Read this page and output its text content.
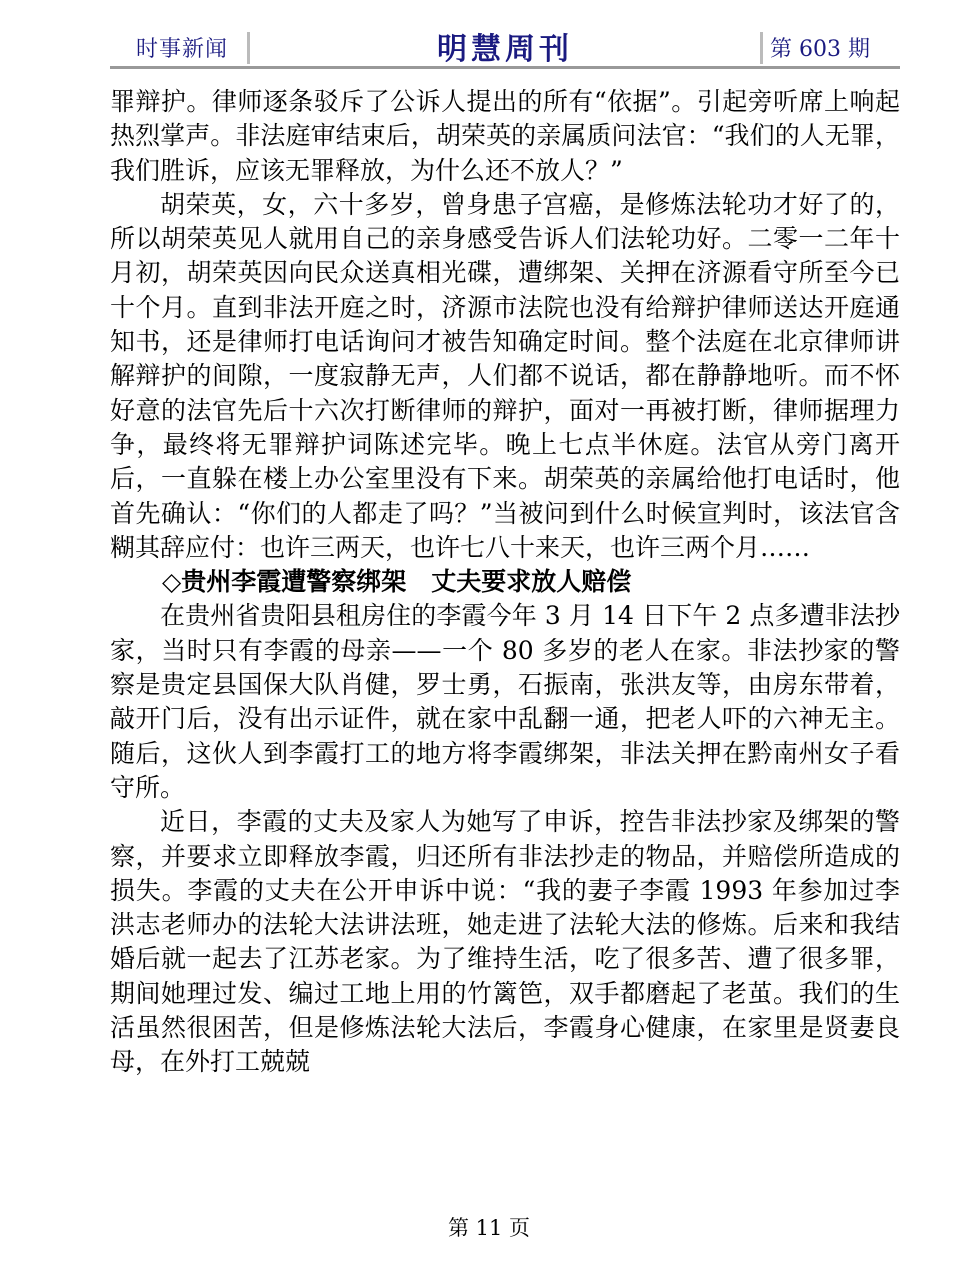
时事新闻	明慧周刊	第 603 期

罪辩护。律师逐条驳斥了公诉人提出的所有“依据”。引起旁听席上响起热烈掌声。非法庭审结束后，胡荣英的亲属质问法官：“我们的人无罪，我们胜诉，应该无罪释放，为什么还不放人？”

胡荣英，女，六十多岁，曾身患子宫癌，是修炼法轮功才好了的，所以胡荣英见人就用自己的亲身感受告诉人们法轮功好。二零一二年十月初，胡荣英因向民众送真相光碟，遭绑架、关押在济源看守所至今已十个月。直到非法开庭之时，济源市法院也没有给辩护律师送达开庭通知书，还是律师打电话询问才被告知确定时间。整个法庭在北京律师讲解辩护的间隙，一度寂静无声，人们都不说话，都在静静地听。而不怀好意的法官先后十六次打断律师的辩护，面对一再被打断，律师据理力争，最终将无罪辩护词陈述完毕。晚上七点半休庭。法官从旁门离开后，一直躲在楼上办公室里没有下来。胡荣英的亲属给他打电话时，他首先确认：“你们的人都走了吗？”当被问到什么时候宣判时，该法官含糊其辞应付：也许三两天，也许七八十来天，也许三两个月……

◇贵州李霞遭警察绑架　丈夫要求放人赔偿

在贵州省贵阳县租房住的李霞今年 3 月 14 日下午 2 点多遭非法抄家，当时只有李霞的母亲——一个 80 多岁的老人在家。非法抄家的警察是贵定县国保大队肖健，罗士勇，石振南，张洪友等，由房东带着，敲开门后，没有出示证件，就在家中乱翻一通，把老人吓的六神无主。随后，这伙人到李霞打工的地方将李霞绑架，非法关押在黔南州女子看守所。

近日，李霞的丈夫及家人为她写了申诉，控告非法抄家及绑架的警察，并要求立即释放李霞，归还所有非法抄走的物品，并赔偿所造成的损失。李霞的丈夫在公开申诉中说：“我的妻子李霞 1993 年参加过李洪志老师办的法轮大法讲法班，她走进了法轮大法的修炼。后来和我结婚后就一起去了江苏老家。为了维持生活，吃了很多苦、遭了很多罪，期间她理过发、编过工地上用的竹篱笆，双手都磨起了老茧。我们的生活虽然很困苦，但是修炼法轮大法后，李霞身心健康，在家里是贤妻良母，在外打工兢兢

第 11 页
